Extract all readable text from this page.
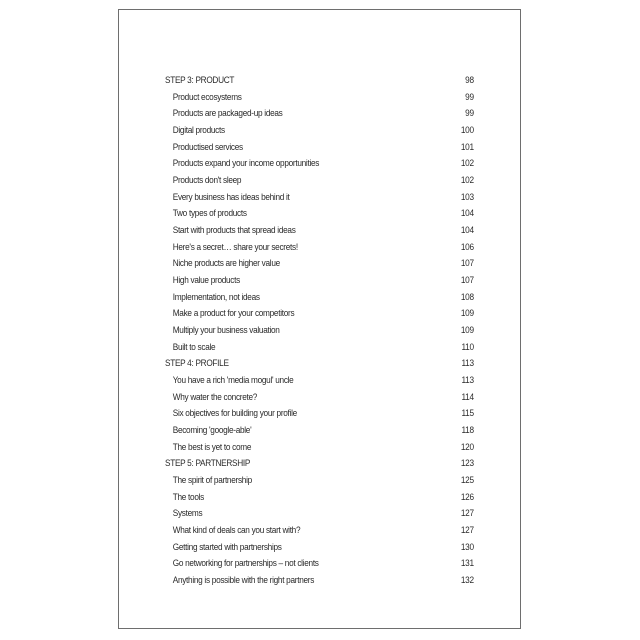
STEP 3: PRODUCT	98
Product ecosystems	99
Products are packaged-up ideas	99
Digital products	100
Productised services	101
Products expand your income opportunities	102
Products don't sleep	102
Every business has ideas behind it	103
Two types of products	104
Start with products that spread ideas	104
Here's a secret… share your secrets!	106
Niche products are higher value	107
High value products	107
Implementation, not ideas	108
Make a product for your competitors	109
Multiply your business valuation	109
Built to scale	110
STEP 4: PROFILE	113
You have a rich 'media mogul' uncle	113
Why water the concrete?	114
Six objectives for building your profile	115
Becoming 'google-able'	118
The best is yet to come	120
STEP 5: PARTNERSHIP	123
The spirit of partnership	125
The tools	126
Systems	127
What kind of deals can you start with?	127
Getting started with partnerships	130
Go networking for partnerships – not clients	131
Anything is possible with the right partners	132
